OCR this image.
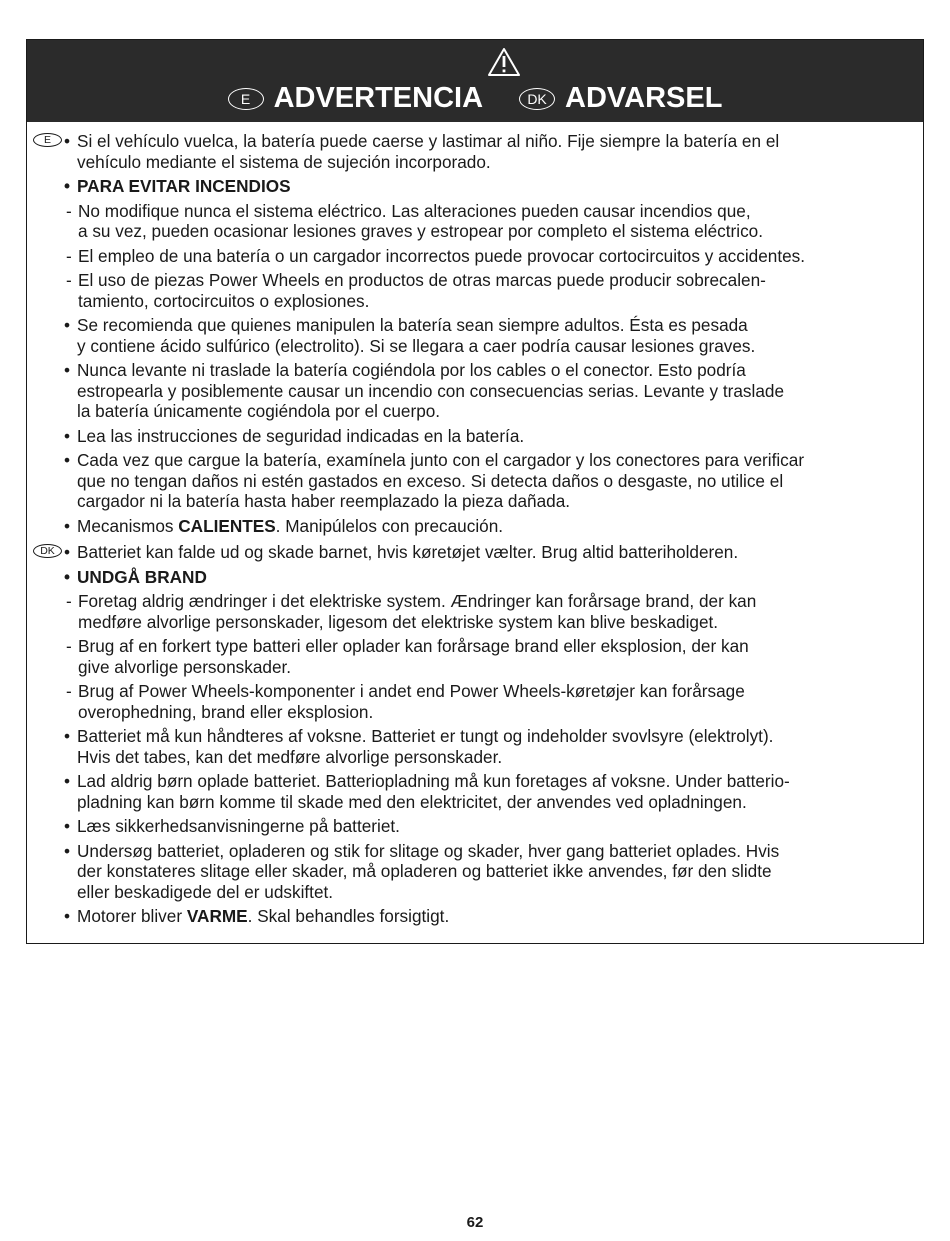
E ADVERTENCIA	DK ADVARSEL
E • Si el vehículo vuelca, la batería puede caerse y lastimar al niño. Fije siempre la batería en el
vehículo mediante el sistema de sujeción incorporado.
• PARA EVITAR INCENDIOS
- No modifique nunca el sistema eléctrico. Las alteraciones pueden causar incendios que,
a su vez, pueden ocasionar lesiones graves y estropear por completo el sistema eléctrico.
- El empleo de una batería o un cargador incorrectos puede provocar cortocircuitos y accidentes.
- El uso de piezas Power Wheels en productos de otras marcas puede producir sobrecalen-
tamiento, cortocircuitos o explosiones.
• Se recomienda que quienes manipulen la batería sean siempre adultos. Ésta es pesada
y contiene ácido sulfúrico (electrolito). Si se llegara a caer podría causar lesiones graves.
• Nunca levante ni traslade la batería cogiéndola por los cables o el conector. Esto podría
estropearla y posiblemente causar un incendio con consecuencias serias. Levante y traslade
la batería únicamente cogiéndola por el cuerpo.
• Lea las instrucciones de seguridad indicadas en la batería.
• Cada vez que cargue la batería, examínela junto con el cargador y los conectores para verificar
que no tengan daños ni estén gastados en exceso. Si detecta daños o desgaste, no utilice el
cargador ni la batería hasta haber reemplazado la pieza dañada.
• Mecanismos CALIENTES. Manipúlelos con precaución.
DK • Batteriet kan falde ud og skade barnet, hvis køretøjet vælter. Brug altid batteriholderen.
• UNDGÅ BRAND
- Foretag aldrig ændringer i det elektriske system. Ændringer kan forårsage brand, der kan
medføre alvorlige personskader, ligesom det elektriske system kan blive beskadiget.
- Brug af en forkert type batteri eller oplader kan forårsage brand eller eksplosion, der kan
give alvorlige personskader.
- Brug af Power Wheels-komponenter i andet end Power Wheels-køretøjer kan forårsage
overophedning, brand eller eksplosion.
• Batteriet må kun håndteres af voksne. Batteriet er tungt og indeholder svovlsyre (elektrolyt).
Hvis det tabes, kan det medføre alvorlige personskader.
• Lad aldrig børn oplade batteriet. Batteriopladning må kun foretages af voksne. Under batterio-
pladning kan børn komme til skade med den elektricitet, der anvendes ved opladningen.
• Læs sikkerhedsanvisningerne på batteriet.
• Undersøg batteriet, opladeren og stik for slitage og skader, hver gang batteriet oplades. Hvis
der konstateres slitage eller skader, må opladeren og batteriet ikke anvendes, før den slidte
eller beskadigede del er udskiftet.
• Motorer bliver VARME. Skal behandles forsigtigt.
62
